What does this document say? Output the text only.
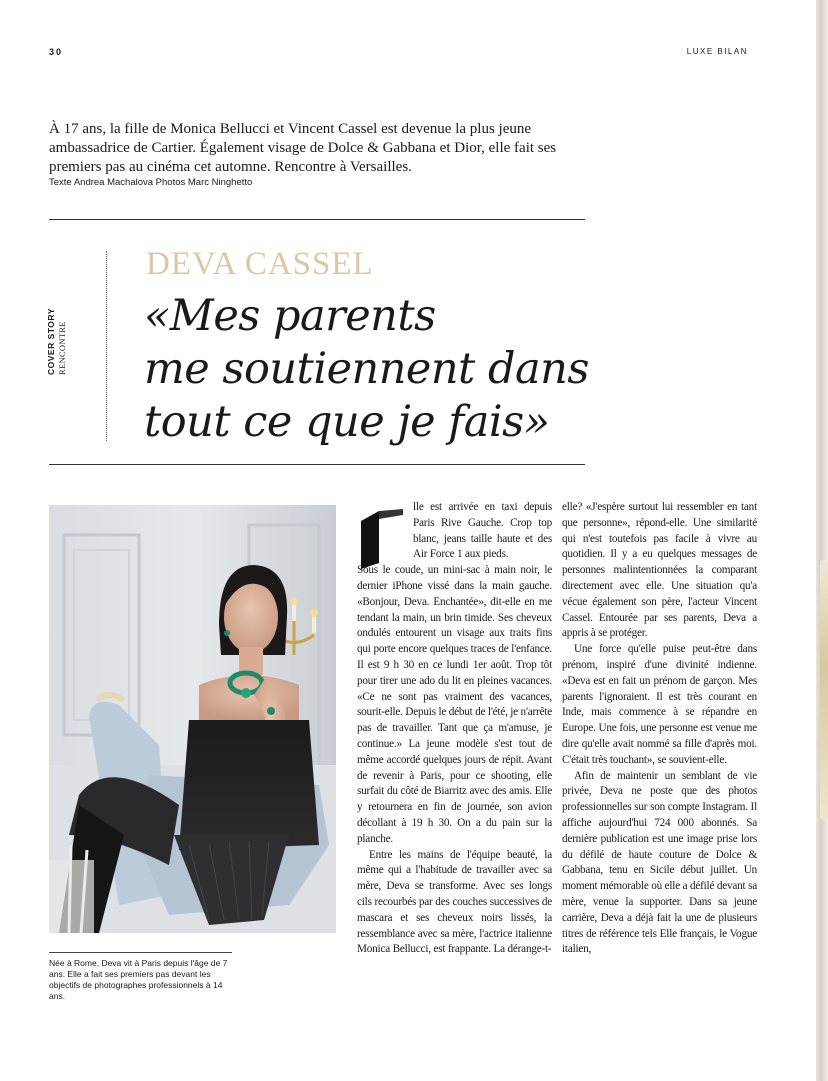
30	LUXE BILAN
À 17 ans, la fille de Monica Bellucci et Vincent Cassel est devenue la plus jeune ambassadrice de Cartier. Également visage de Dolce & Gabbana et Dior, elle fait ses premiers pas au cinéma cet automne. Rencontre à Versailles.
Texte Andrea Machalova Photos Marc Ninghetto
COVER STORY RENCONTRE
DEVA CASSEL
«Mes parents
me soutiennent dans
tout ce que je fais»
Née à Rome, Deva vit à Paris depuis l'âge de 7 ans. Elle a fait ses premiers pas devant les objectifs de photographes professionnels à 14 ans.

lle est arrivée en taxi depuis Paris Rive Gauche. Crop top blanc, jeans taille haute et des Air Force 1 aux pieds.
Sous le coude, un mini-sac à main noir, le dernier iPhone vissé dans la main gauche. «Bonjour, Deva. Enchantée», dit-elle en me tendant la main, un brin timide. Ses cheveux ondulés entourent un visage aux traits fins qui porte encore quelques traces de l'enfance. Il est 9 h 30 en ce lundi 1er août. Trop tôt pour tirer une ado du lit en pleines vacances. «Ce ne sont pas vraiment des vacances, sourit-elle. Depuis le début de l'été, je n'arrête pas de travailler. Tant que ça m'amuse, je continue.» La jeune modèle s'est tout de même accordé quelques jours de répit. Avant de revenir à Paris, pour ce shooting, elle surfait du côté de Biarritz avec des amis. Elle y retournera en fin de journée, son avion décollant à 19 h 30. On a du pain sur la planche.

Entre les mains de l'équipe beauté, la même qui a l'habitude de travailler avec sa mère, Deva se transforme. Avec ses longs cils recourbés par des couches successives de mascara et ses cheveux noirs lissés, la ressemblance avec sa mère, l'actrice italienne Monica Bellucci, est frappante. La dérange-t-

elle? «J'espère surtout lui ressembler en tant que personne», répond-elle. Une similarité qui n'est toutefois pas facile à vivre au quotidien. Il y a eu quelques messages de personnes malintentionnées la comparant directement avec elle. Une situation qu'a vécue également son père, l'acteur Vincent Cassel. Entourée par ses parents, Deva a appris à se protéger.

Une force qu'elle puise peut-être dans prénom, inspiré d'une divinité indienne. «Deva est en fait un prénom de garçon. Mes parents l'ignoraient. Il est très courant en Inde, mais commence à se répandre en Europe. Une fois, une personne est venue me dire qu'elle avait nommé sa fille d'après moi. C'était très touchant», se souvient-elle.

Afin de maintenir un semblant de vie privée, Deva ne poste que des photos professionnelles sur son compte Instagram. Il affiche aujourd'hui 724 000 abonnés. Sa dernière publication est une image prise lors du défilé de haute couture de Dolce & Gabbana, tenu en Sicile début juillet. Un moment mémorable où elle a défilé devant sa mère, venue la supporter. Dans sa jeune carrière, Deva a déjà fait la une de plusieurs titres de référence tels Elle français, le Vogue italien,
